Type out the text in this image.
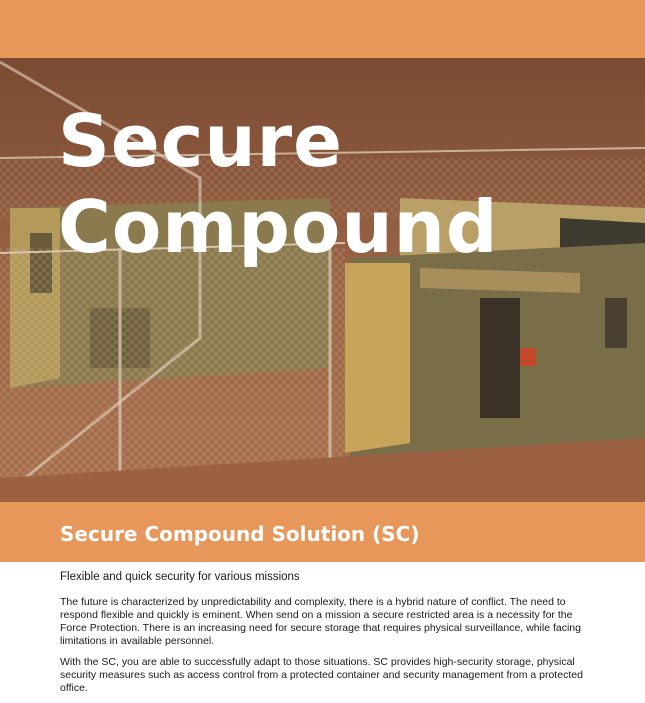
Secure
Compound
Secure Compound Solution (SC)

Flexible and quick security for various missions

The future is characterized by unpredictability and complexity, there is a hybrid nature of conflict. The need to respond flexible and quickly is eminent. When send on a mission a secure restricted area is a necessity for the Force Protection. There is an increasing need for secure storage that requires physical surveillance, while facing limitations in available personnel.

With the SC, you are able to successfully adapt to those situations. SC provides high-security storage, physical security measures such as access control from a protected container and security management from a protected office.
